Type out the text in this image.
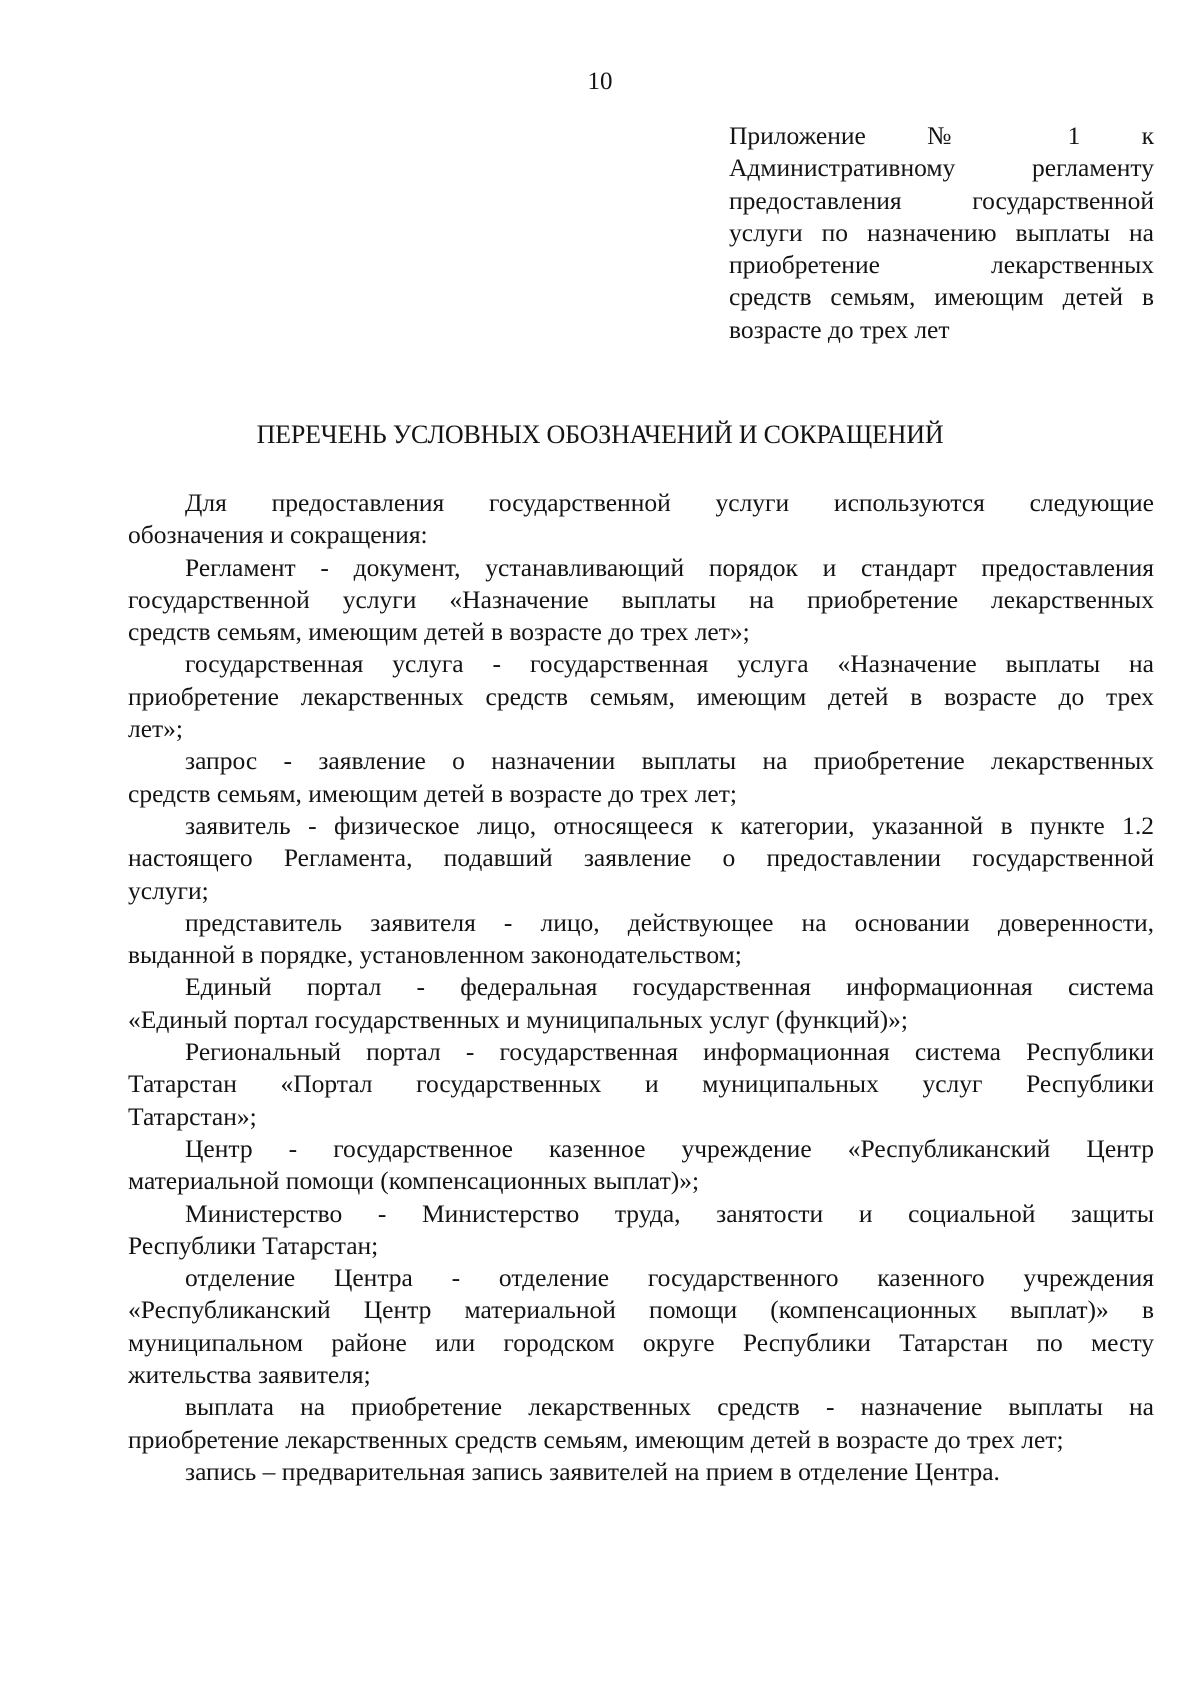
10
Приложение № 1 к
Административному регламенту
предоставления государственной
услуги по назначению выплаты на
приобретение лекарственных
средств семьям, имеющим детей в
возрасте до трех лет
ПЕРЕЧЕНЬ УСЛОВНЫХ ОБОЗНАЧЕНИЙ И СОКРАЩЕНИЙ
Для предоставления государственной услуги используются следующие
обозначения и сокращения:
Регламент - документ, устанавливающий порядок и стандарт предоставления
государственной услуги «Назначение выплаты на приобретение лекарственных
средств семьям, имеющим детей в возрасте до трех лет»;
государственная услуга - государственная услуга «Назначение выплаты на
приобретение лекарственных средств семьям, имеющим детей в возрасте до трех
лет»;
запрос - заявление о назначении выплаты на приобретение лекарственных
средств семьям, имеющим детей в возрасте до трех лет;
заявитель - физическое лицо, относящееся к категории, указанной в пункте 1.2
настоящего Регламента, подавший заявление о предоставлении государственной
услуги;
представитель заявителя - лицо, действующее на основании доверенности,
выданной в порядке, установленном законодательством;
Единый портал - федеральная государственная информационная система
«Единый портал государственных и муниципальных услуг (функций)»;
Региональный портал - государственная информационная система Республики
Татарстан «Портал государственных и муниципальных услуг Республики
Татарстан»;
Центр - государственное казенное учреждение «Республиканский Центр
материальной помощи (компенсационных выплат)»;
Министерство - Министерство труда, занятости и социальной защиты
Республики Татарстан;
отделение Центра - отделение государственного казенного учреждения
«Республиканский Центр материальной помощи (компенсационных выплат)» в
муниципальном районе или городском округе Республики Татарстан по месту
жительства заявителя;
выплата на приобретение лекарственных средств - назначение выплаты на
приобретение лекарственных средств семьям, имеющим детей в возрасте до трех лет;
запись – предварительная запись заявителей на прием в отделение Центра.
